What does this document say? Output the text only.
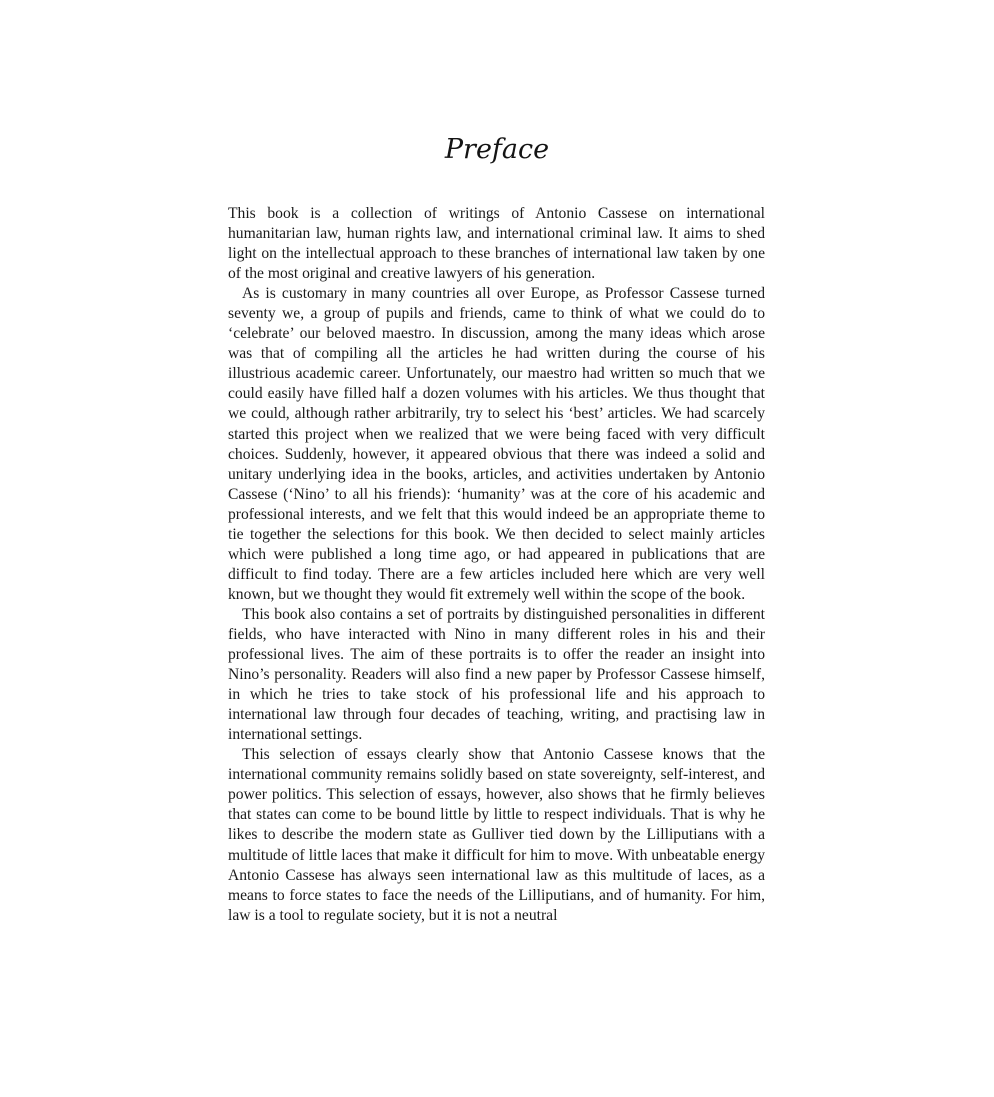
Preface

This book is a collection of writings of Antonio Cassese on international humanitarian law, human rights law, and international criminal law. It aims to shed light on the intellectual approach to these branches of international law taken by one of the most original and creative lawyers of his generation.

As is customary in many countries all over Europe, as Professor Cassese turned seventy we, a group of pupils and friends, came to think of what we could do to ‘celebrate’ our beloved maestro. In discussion, among the many ideas which arose was that of compiling all the articles he had written during the course of his illustrious academic career. Unfortunately, our maestro had written so much that we could easily have filled half a dozen volumes with his articles. We thus thought that we could, although rather arbitrarily, try to select his ‘best’ articles. We had scarcely started this project when we realized that we were being faced with very difficult choices. Suddenly, however, it appeared obvious that there was indeed a solid and unitary underlying idea in the books, articles, and activities undertaken by Antonio Cassese (‘Nino’ to all his friends): ‘humanity’ was at the core of his academic and professional interests, and we felt that this would indeed be an appropriate theme to tie together the selections for this book. We then decided to select mainly articles which were published a long time ago, or had appeared in publications that are difficult to find today. There are a few articles included here which are very well known, but we thought they would fit extremely well within the scope of the book.

This book also contains a set of portraits by distinguished personalities in different fields, who have interacted with Nino in many different roles in his and their professional lives. The aim of these portraits is to offer the reader an insight into Nino’s personality. Readers will also find a new paper by Professor Cassese himself, in which he tries to take stock of his professional life and his approach to international law through four decades of teaching, writing, and practising law in international settings.

This selection of essays clearly show that Antonio Cassese knows that the international community remains solidly based on state sovereignty, self-interest, and power politics. This selection of essays, however, also shows that he firmly believes that states can come to be bound little by little to respect individuals. That is why he likes to describe the modern state as Gulliver tied down by the Lilliputians with a multitude of little laces that make it difficult for him to move. With unbeatable energy Antonio Cassese has always seen international law as this multitude of laces, as a means to force states to face the needs of the Lilliputians, and of humanity. For him, law is a tool to regulate society, but it is not a neutral
